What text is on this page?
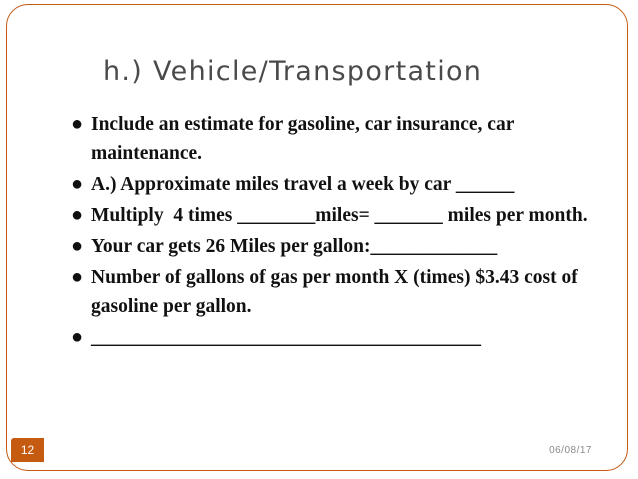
h.) Vehicle/Transportation
● Include an estimate for gasoline, car insurance, car maintenance.
● A.) Approximate miles travel a week by car ______
● Multiply  4 times ________miles= _______ miles per month.
● Your car gets 26 Miles per gallon:_____________
● Number of gallons of gas per month X (times) $3.43 cost of  gasoline per gallon.
● ________________________________________
12	06/08/17
